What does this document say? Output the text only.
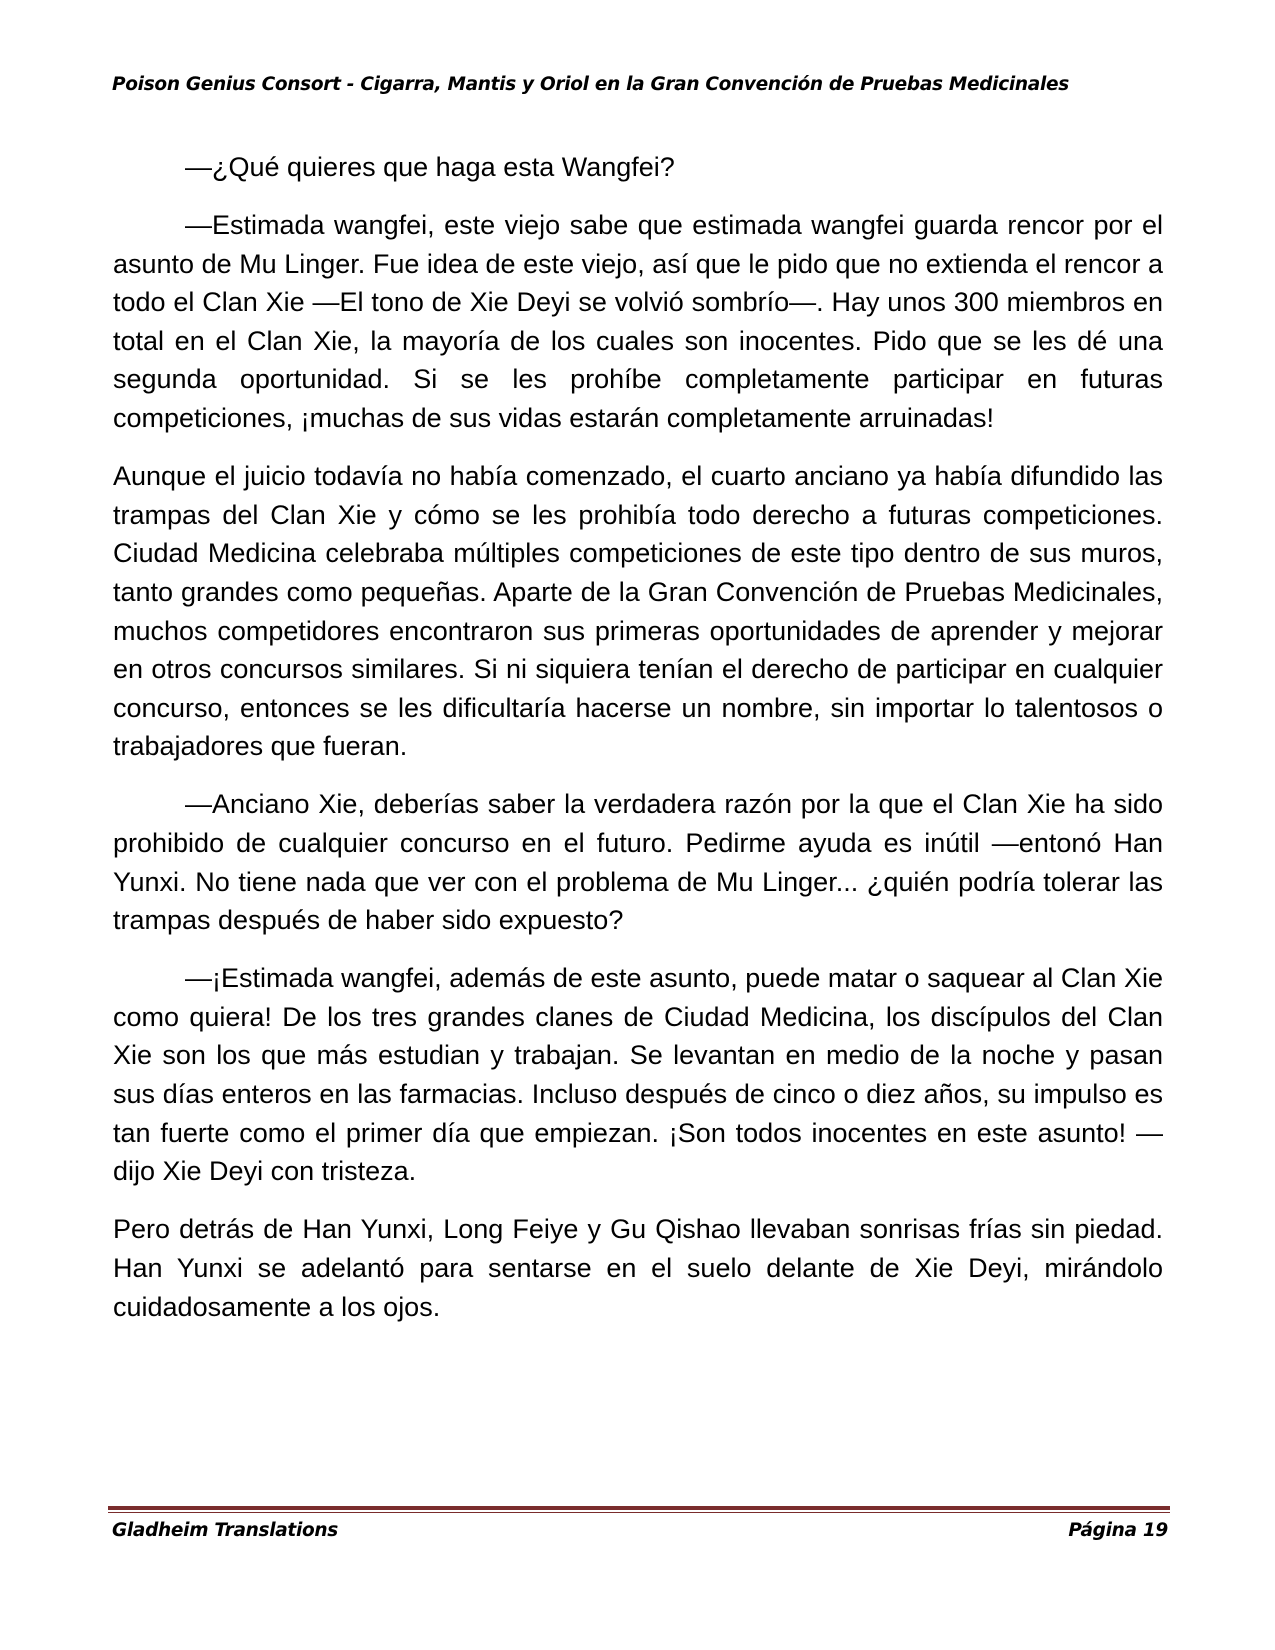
Poison Genius Consort - Cigarra, Mantis y Oriol en la Gran Convención de Pruebas Medicinales

—¿Qué quieres que haga esta Wangfei?

—Estimada wangfei, este viejo sabe que estimada wangfei guarda rencor por el asunto de Mu Linger. Fue idea de este viejo, así que le pido que no extienda el rencor a todo el Clan Xie —El tono de Xie Deyi se volvió sombrío—. Hay unos 300 miembros en total en el Clan Xie, la mayoría de los cuales son inocentes. Pido que se les dé una segunda oportunidad. Si se les prohíbe completamente participar en futuras competiciones, ¡muchas de sus vidas estarán completamente arruinadas!

Aunque el juicio todavía no había comenzado, el cuarto anciano ya había difundido las trampas del Clan Xie y cómo se les prohibía todo derecho a futuras competiciones. Ciudad Medicina celebraba múltiples competiciones de este tipo dentro de sus muros, tanto grandes como pequeñas. Aparte de la Gran Convención de Pruebas Medicinales, muchos competidores encontraron sus primeras oportunidades de aprender y mejorar en otros concursos similares. Si ni siquiera tenían el derecho de participar en cualquier concurso, entonces se les dificultaría hacerse un nombre, sin importar lo talentosos o trabajadores que fueran.

—Anciano Xie, deberías saber la verdadera razón por la que el Clan Xie ha sido prohibido de cualquier concurso en el futuro. Pedirme ayuda es inútil —entonó Han Yunxi. No tiene nada que ver con el problema de Mu Linger... ¿quién podría tolerar las trampas después de haber sido expuesto?

—¡Estimada wangfei, además de este asunto, puede matar o saquear al Clan Xie como quiera! De los tres grandes clanes de Ciudad Medicina, los discípulos del Clan Xie son los que más estudian y trabajan. Se levantan en medio de la noche y pasan sus días enteros en las farmacias. Incluso después de cinco o diez años, su impulso es tan fuerte como el primer día que empiezan. ¡Son todos inocentes en este asunto! —dijo Xie Deyi con tristeza.

Pero detrás de Han Yunxi, Long Feiye y Gu Qishao llevaban sonrisas frías sin piedad. Han Yunxi se adelantó para sentarse en el suelo delante de Xie Deyi, mirándolo cuidadosamente a los ojos.

Gladheim Translations	Página 19
